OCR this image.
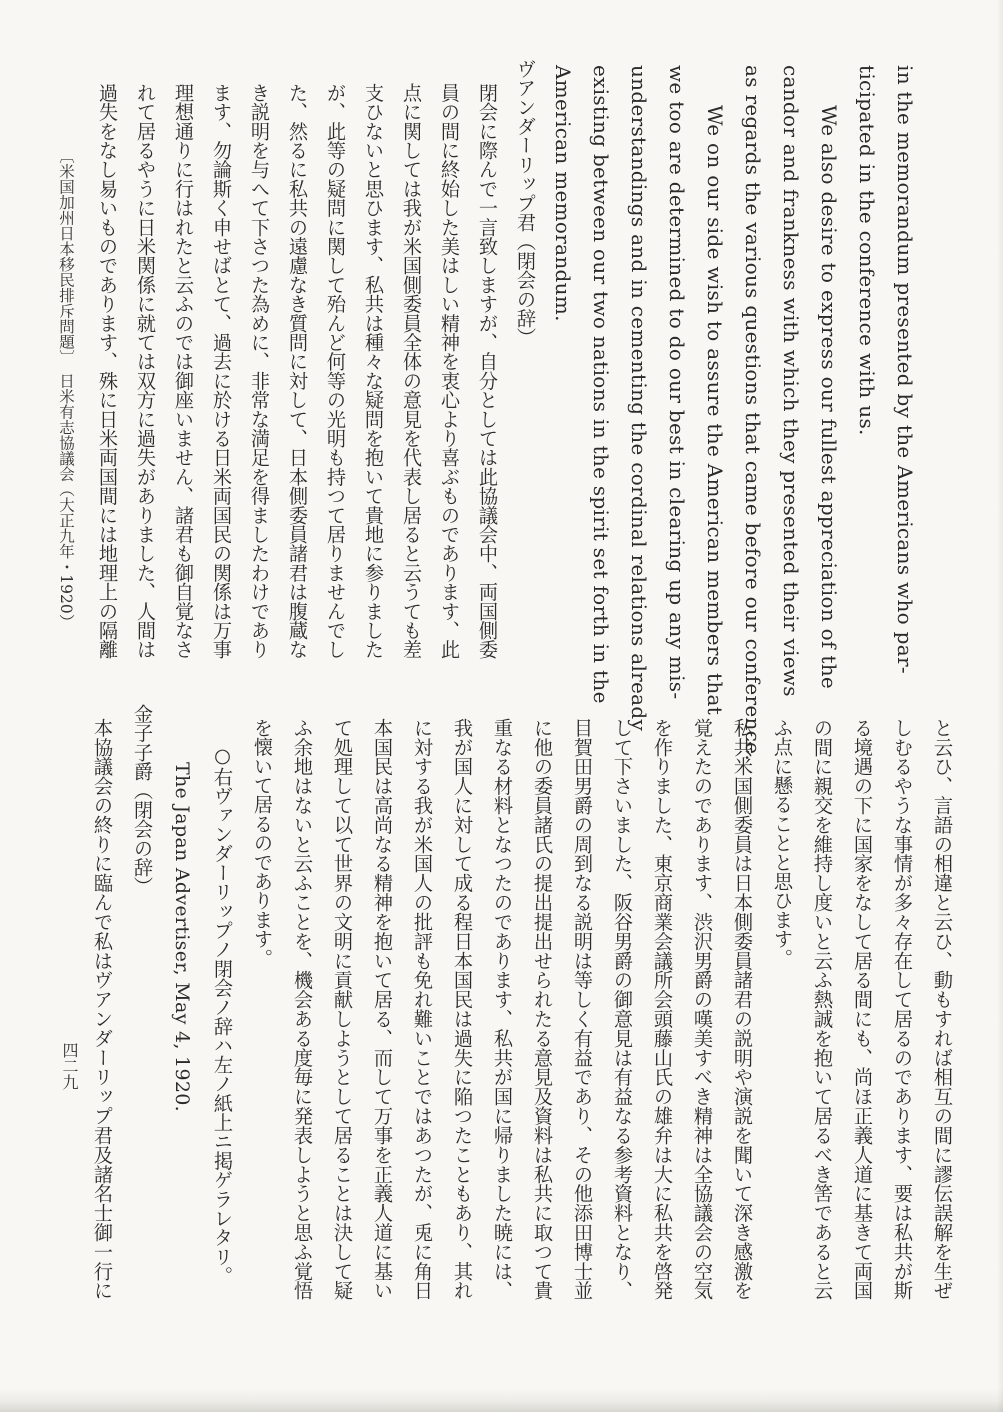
in the memorandum presented by the Americans who par-

ticipated in the conference with us.

We also desire to express our fullest appreciation of the

candor and frankness with which they presented their views

as regards the various questions that came before our conference.

We on our side wish to assure the American members that

we too are determined to do our best in clearing up any mis-

understandings and in cementing the cordinal relations already

existing between our two nations in the spirit set forth in the

American memorandum.

ヴアンダーリップ君（閉会の辞）

閉会に際んで一言致しますが、自分としては此協議会中、両国側委

員の間に終始した美はしい精神を衷心より喜ぶものであります、此

点に関しては我が米国側委員全体の意見を代表し居ると云うても差

支ひないと思ひます、私共は種々な疑問を抱いて貴地に参りました

が、此等の疑問に関して殆んど何等の光明も持つて居りませんでし

た、然るに私共の遠慮なき質問に対して、日本側委員諸君は腹蔵な

き説明を与へて下さつた為めに、非常な満足を得ましたわけであり

ます、勿論斯く申せばとて、過去に於ける日米両国民の関係は万事

理想通りに行はれたと云ふのでは御座いません、諸君も御自覚なさ

れて居るやうに日米関係に就ては双方に過失がありました、人間は

過失をなし易いものであります、殊に日米両国間には地理上の隔離

〔米国加州日本移民排斥問題〕　日米有志協議会（大正九年・1920）

と云ひ、言語の相違と云ひ、動もすれば相互の間に謬伝誤解を生ぜ

しむるやうな事情が多々存在して居るのであります、要は私共が斯

る境遇の下に国家をなして居る間にも、尚ほ正義人道に基きて両国

の間に親交を維持し度いと云ふ熱誠を抱いて居るべき筈であると云

ふ点に懸ることと思ひます。

私共米国側委員は日本側委員諸君の説明や演説を聞いて深き感激を

覚えたのであります、渋沢男爵の嘆美すべき精神は全協議会の空気

を作りました、東京商業会議所会頭藤山氏の雄弁は大に私共を啓発

して下さいました、阪谷男爵の御意見は有益なる参考資料となり、

目賀田男爵の周到なる説明は等しく有益であり、その他添田博士並

に他の委員諸氏の提出提出せられたる意見及資料は私共に取つて貴

重なる材料となつたのであります、私共が国に帰りました暁には、

我が国人に対して成る程日本国民は過失に陥つたこともあり、其れ

に対する我が米国人の批評も免れ難いことではあつたが、兎に角日

本国民は高尚なる精神を抱いて居る、而して万事を正義人道に基い

て処理して以て世界の文明に貢献しようとして居ることは決して疑

ふ余地はないと云ふことを、機会ある度毎に発表しようと思ふ覚悟

を懐いて居るのであります。

○右ヴァンダーリップノ閉会ノ辞ハ左ノ紙上ニ掲ゲラレタリ。

The Japan Advertiser, May 4, 1920.

金子子爵（閉会の辞）

本協議会の終りに臨んで私はヴアンダーリップ君及諸名士御一行に

四二九
